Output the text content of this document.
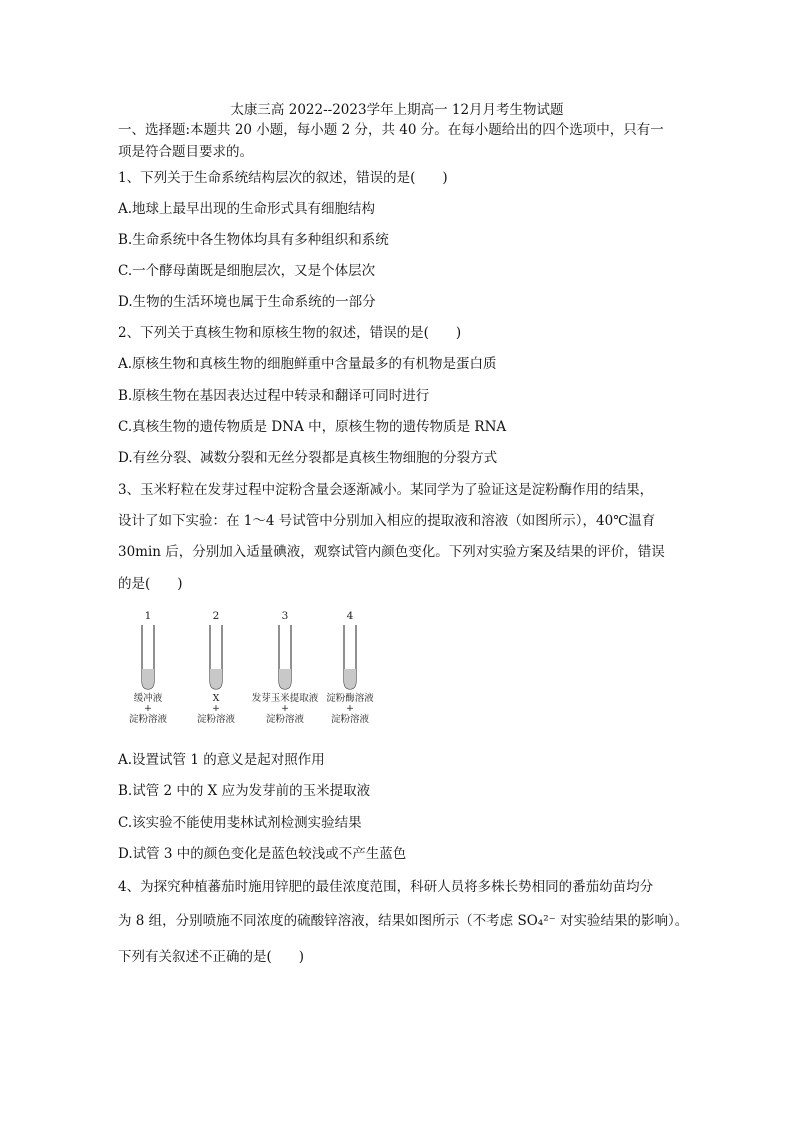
太康三高 2022--2023学年上期高一 12月月考生物试题
一、选择题:本题共 20 小题，每小题 2 分，共 40 分。在每小题给出的四个选项中，只有一
项是符合题目要求的。
1、下列关于生命系统结构层次的叙述，错误的是(　　)
A.地球上最早出现的生命形式具有细胞结构
B.生命系统中各生物体均具有多种组织和系统
C.一个酵母菌既是细胞层次，又是个体层次
D.生物的生活环境也属于生命系统的一部分
2、下列关于真核生物和原核生物的叙述，错误的是(　　)
A.原核生物和真核生物的细胞鲜重中含量最多的有机物是蛋白质
B.原核生物在基因表达过程中转录和翻译可同时进行
C.真核生物的遗传物质是 DNA 中，原核生物的遗传物质是 RNA
D.有丝分裂、减数分裂和无丝分裂都是真核生物细胞的分裂方式
3、玉米籽粒在发芽过程中淀粉含量会逐渐减小。某同学为了验证这是淀粉酶作用的结果，
设计了如下实验：在 1～4 号试管中分别加入相应的提取液和溶液（如图所示），40℃温育
30min 后，分别加入适量碘液，观察试管内颜色变化。下列对实验方案及结果的评价，错误
的是(　　)
1
缓冲液
+
淀粉溶液
2
X
+
淀粉溶液
3
发芽玉米提取液
+
淀粉溶液
4
淀粉酶溶液
+
淀粉溶液
A.设置试管 1 的意义是起对照作用
B.试管 2 中的 X 应为发芽前的玉米提取液
C.该实验不能使用斐林试剂检测实验结果
D.试管 3 中的颜色变化是蓝色较浅或不产生蓝色
4、为探究种植蕃茄时施用锌肥的最佳浓度范围，科研人员将多株长势相同的番茄幼苗均分
为 8 组，分别喷施不同浓度的硫酸锌溶液，结果如图所示（不考虑 SO₄²⁻ 对实验结果的影响）。
下列有关叙述不正确的是(　　)
